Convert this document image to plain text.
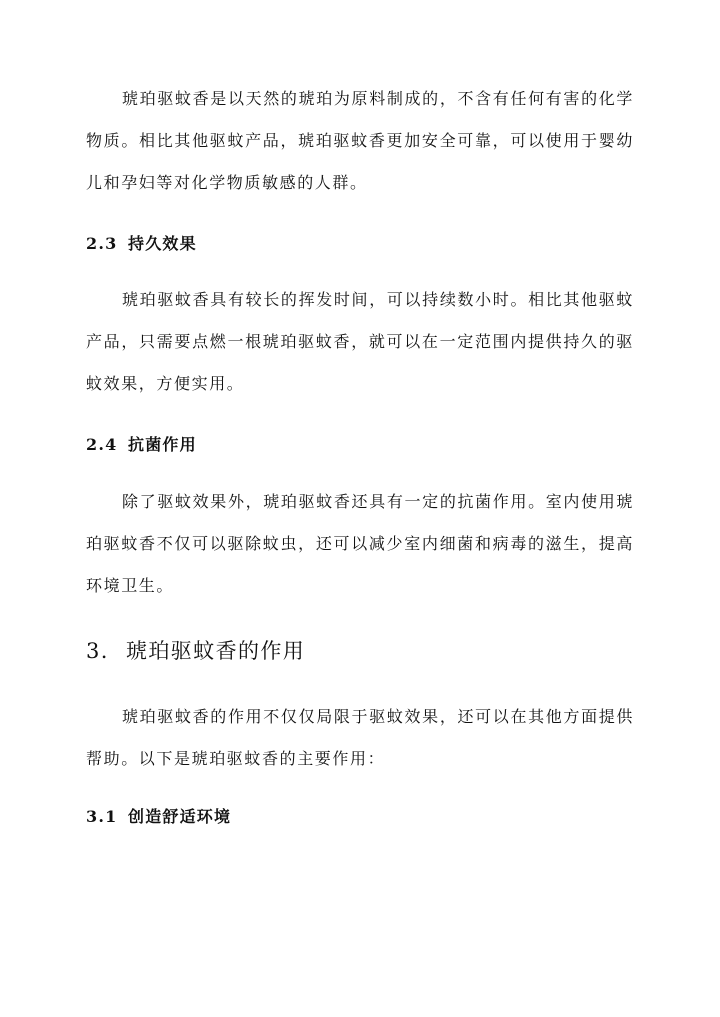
琥珀驱蚊香是以天然的琥珀为原料制成的，不含有任何有害的化学物质。相比其他驱蚊产品，琥珀驱蚊香更加安全可靠，可以使用于婴幼儿和孕妇等对化学物质敏感的人群。

2.3 持久效果

琥珀驱蚊香具有较长的挥发时间，可以持续数小时。相比其他驱蚊产品，只需要点燃一根琥珀驱蚊香，就可以在一定范围内提供持久的驱蚊效果，方便实用。

2.4 抗菌作用

除了驱蚊效果外，琥珀驱蚊香还具有一定的抗菌作用。室内使用琥珀驱蚊香不仅可以驱除蚊虫，还可以减少室内细菌和病毒的滋生，提高环境卫生。

3. 琥珀驱蚊香的作用

琥珀驱蚊香的作用不仅仅局限于驱蚊效果，还可以在其他方面提供帮助。以下是琥珀驱蚊香的主要作用：

3.1 创造舒适环境
